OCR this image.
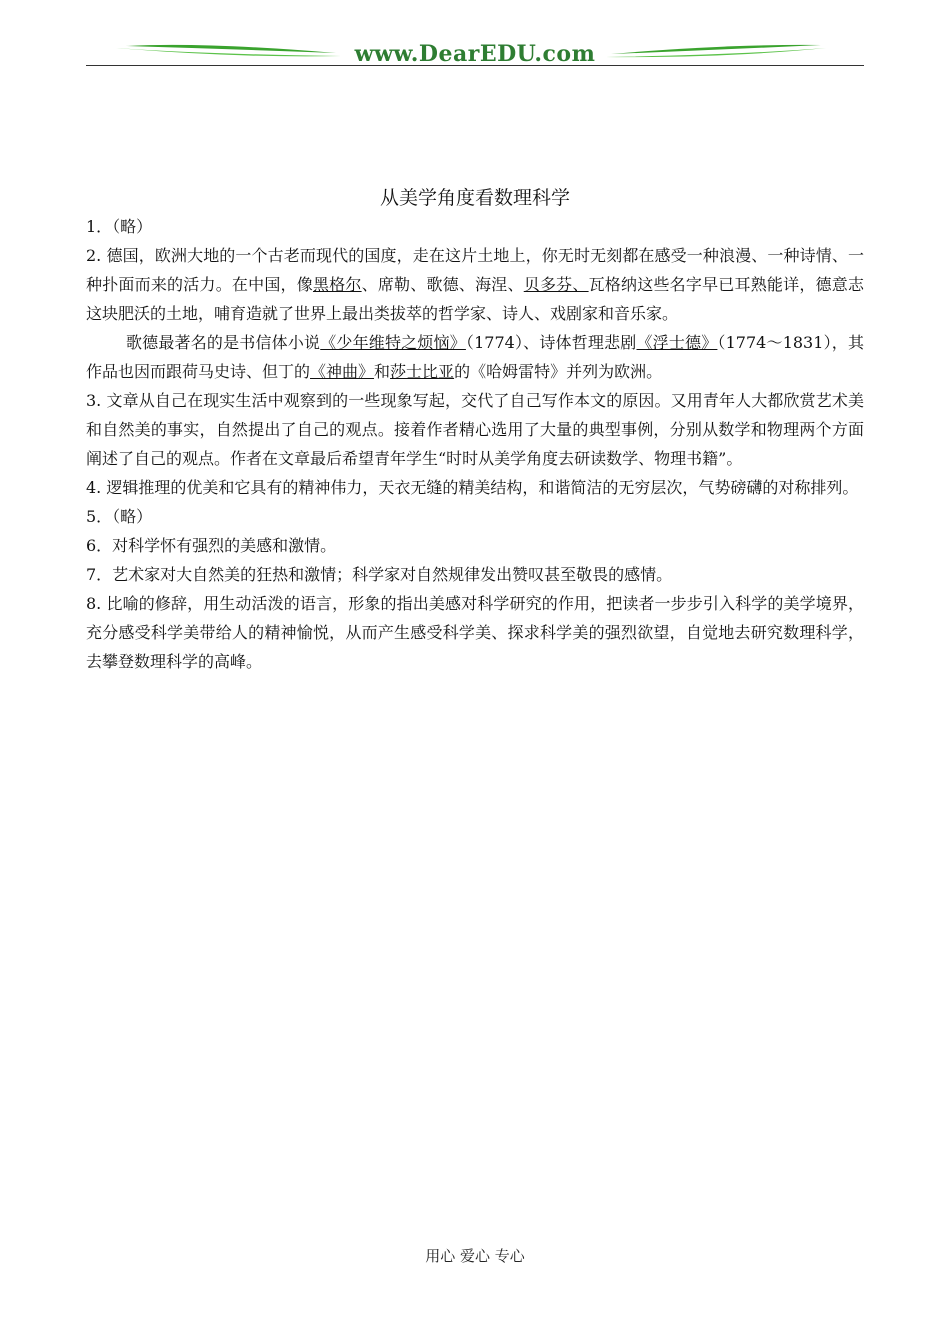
www.DearEDU.com
从美学角度看数理科学

1．（略）

2. 德国，欧洲大地的一个古老而现代的国度，走在这片土地上，你无时无刻都在感受一种浪漫、一种诗情、一种扑面而来的活力。在中国，像黑格尔、席勒、歌德、海涅、贝多芬、瓦格纳这些名字早已耳熟能详，德意志这块肥沃的土地，哺育造就了世界上最出类拔萃的哲学家、诗人、戏剧家和音乐家。

歌德最著名的是书信体小说《少年维特之烦恼》（1774）、诗体哲理悲剧《浮士德》（1774～1831），其作品也因而跟荷马史诗、但丁的《神曲》和莎士比亚的《哈姆雷特》并列为欧洲。

3. 文章从自己在现实生活中观察到的一些现象写起，交代了自己写作本文的原因。又用青年人大都欣赏艺术美和自然美的事实，自然提出了自己的观点。接着作者精心选用了大量的典型事例，分别从数学和物理两个方面阐述了自己的观点。作者在文章最后希望青年学生“时时从美学角度去研读数学、物理书籍”。

4. 逻辑推理的优美和它具有的精神伟力，天衣无缝的精美结构，和谐简洁的无穷层次，气势磅礴的对称排列。

5．（略）

6．对科学怀有强烈的美感和激情。

7．艺术家对大自然美的狂热和激情；科学家对自然规律发出赞叹甚至敬畏的感情。

8. 比喻的修辞，用生动活泼的语言，形象的指出美感对科学研究的作用，把读者一步步引入科学的美学境界，充分感受科学美带给人的精神愉悦，从而产生感受科学美、探求科学美的强烈欲望，自觉地去研究数理科学，去攀登数理科学的高峰。

用心 爱心 专心
